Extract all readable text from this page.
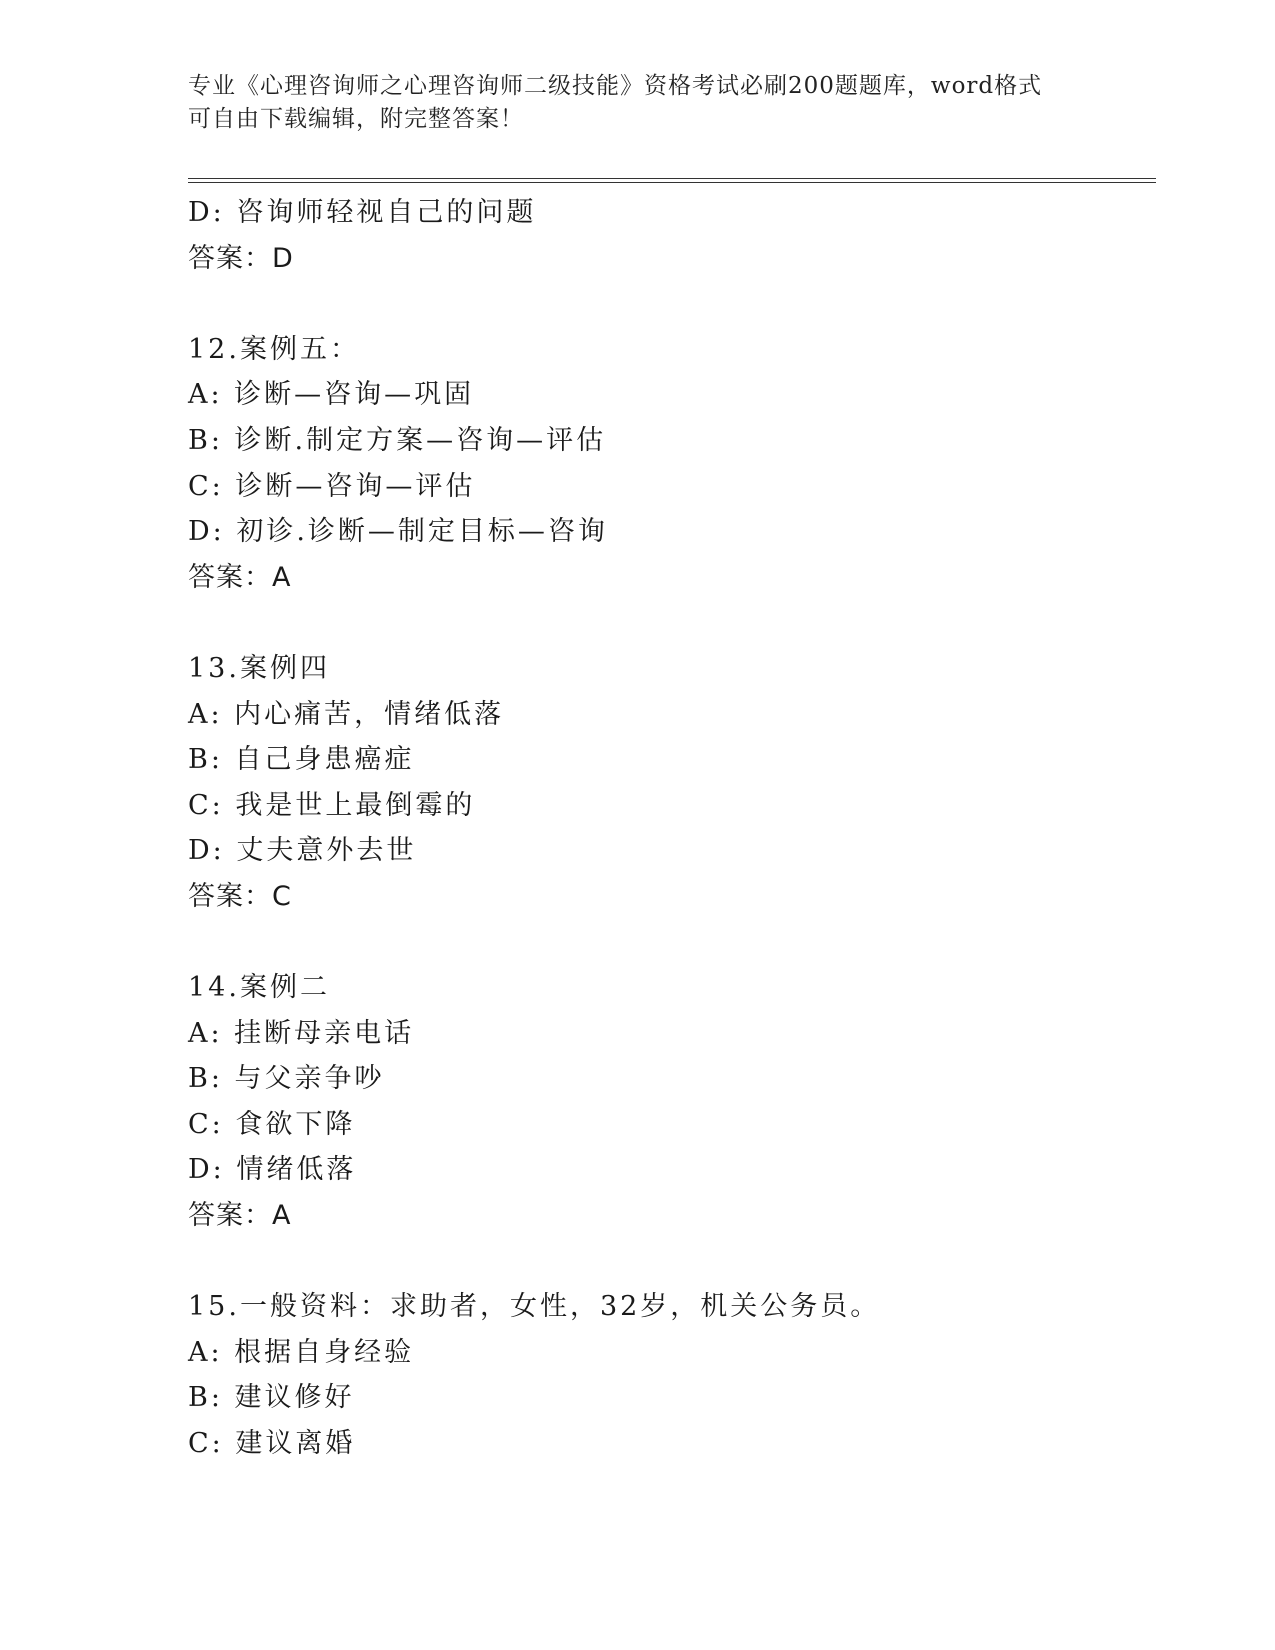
专业《心理咨询师之心理咨询师二级技能》资格考试必刷200题题库，word格式
可自由下载编辑，附完整答案！
D: 咨询师轻视自己的问题
答案：D
12.案例五：
A: 诊断—咨询—巩固
B: 诊断.制定方案—咨询—评估
C: 诊断—咨询—评估
D: 初诊.诊断—制定目标—咨询
答案：A
13.案例四
A: 内心痛苦，情绪低落
B: 自己身患癌症
C: 我是世上最倒霉的
D: 丈夫意外去世
答案：C
14.案例二
A: 挂断母亲电话
B: 与父亲争吵
C: 食欲下降
D: 情绪低落
答案：A
15.一般资料：求助者，女性，32岁，机关公务员。
A: 根据自身经验
B: 建议修好
C: 建议离婚
